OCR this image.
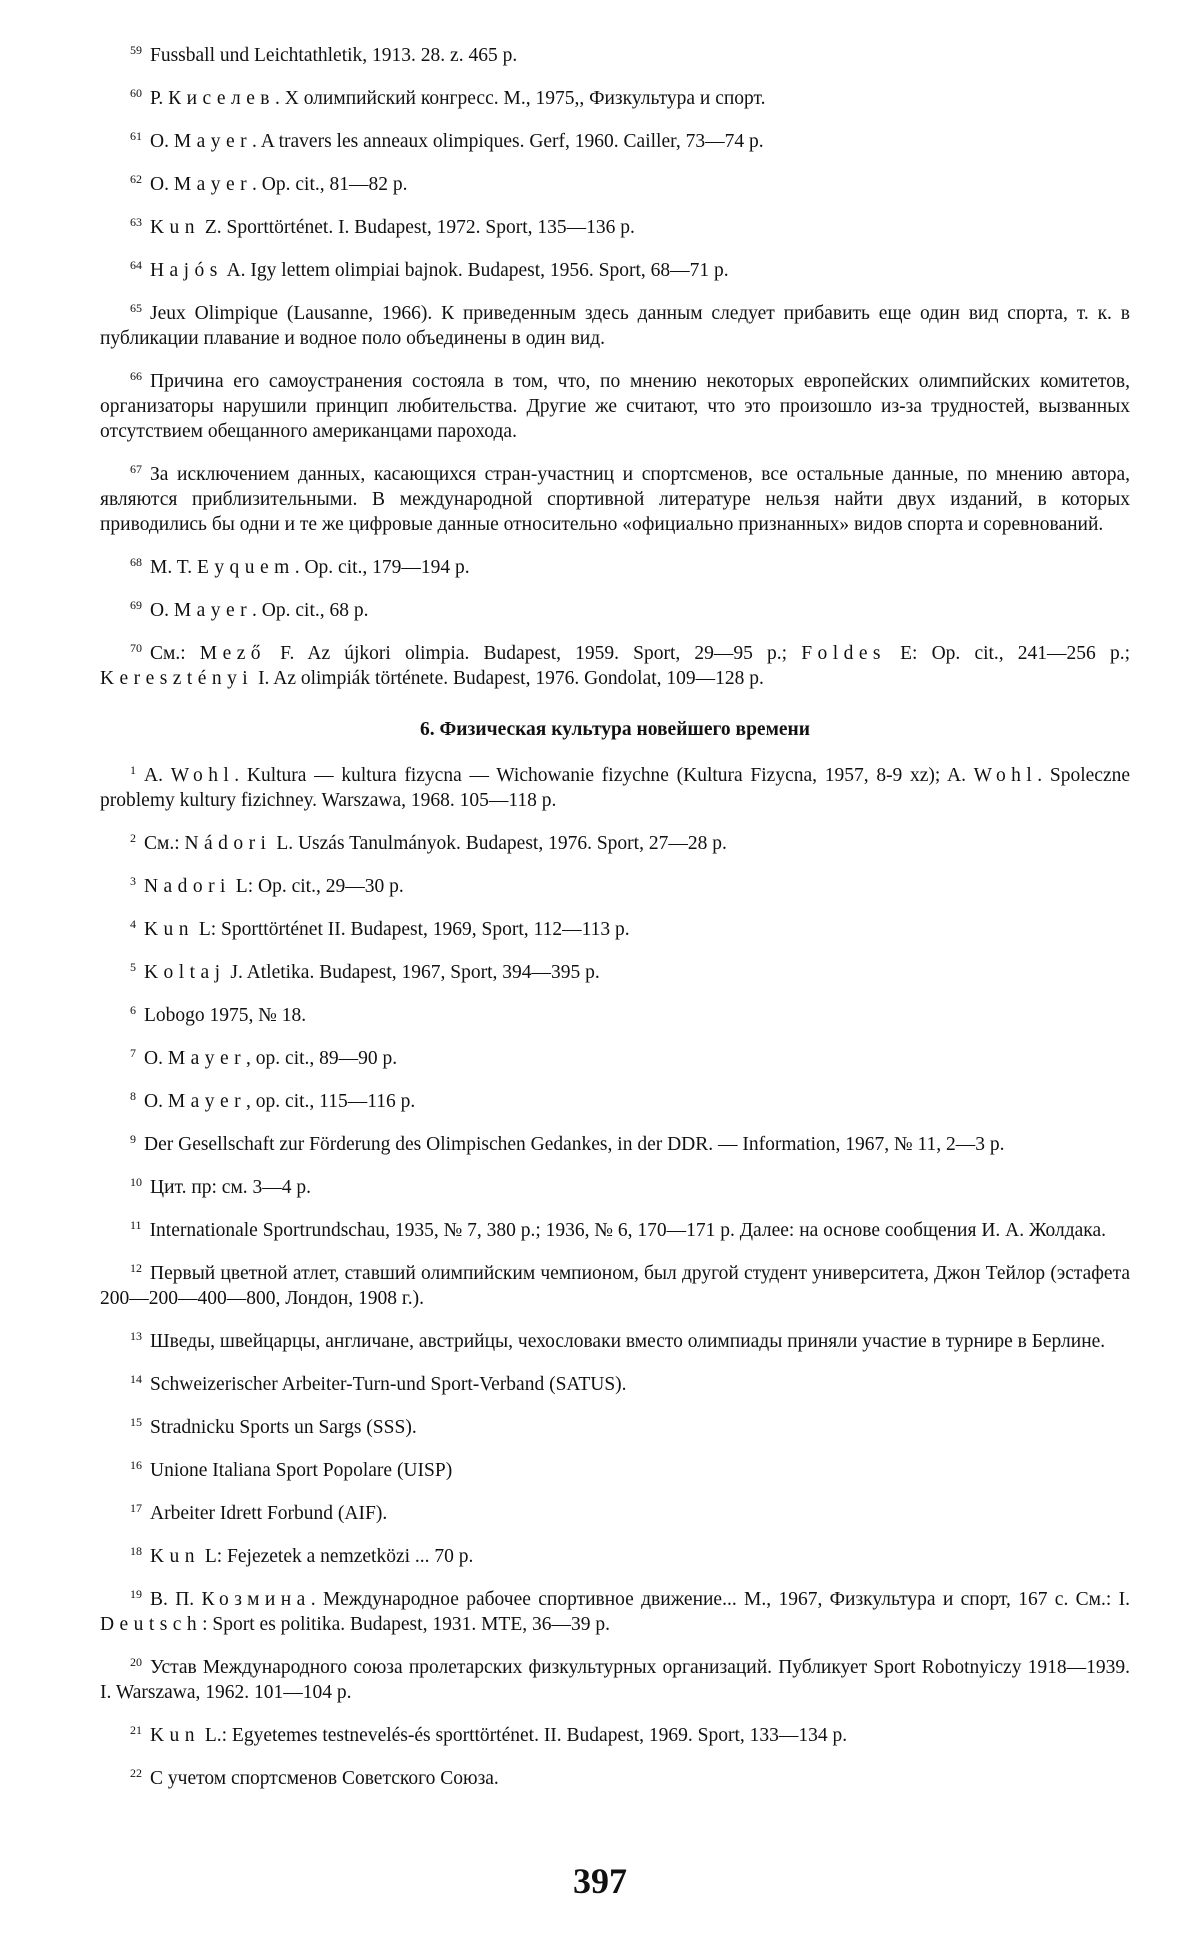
$^{59}$ Fussball und Leichtathletik, 1913. 28. z. 465 p.

$^{60}$ Р. Киселев. Х олимпийский конгресс. М., 1975,, Физкультура и спорт.

$^{61}$ O. Mayer. A travers les anneaux olimpiques. Gerf, 1960. Cailler, 73—74 p.

$^{62}$ O. Mayer. Op. cit., 81—82 p.

$^{63}$ Kun Z. Sporttörténet. I. Budapest, 1972. Sport, 135—136 p.

$^{64}$ Hajós A. Igy lettem olimpiai bajnok. Budapest, 1956. Sport, 68—71 p.

$^{65}$ Jeux Olimpique (Lausanne, 1966). К приведенным здесь данным следует прибавить еще один вид спорта, т. к. в публикации плавание и водное поло объединены в один вид.

$^{66}$ Причина его самоустранения состояла в том, что, по мнению некоторых европейских олимпийских комитетов, организаторы нарушили принцип любительства. Другие же считают, что это произошло из-за трудностей, вызванных отсутствием обещанного американцами парохода.

$^{67}$ За исключением данных, касающихся стран-участниц и спортсменов, все остальные данные, по мнению автора, являются приблизительными. В международной спортивной литературе нельзя найти двух изданий, в которых приводились бы одни и те же цифровые данные относительно «официально признанных» видов спорта и соревнований.

$^{68}$ M. T. Eyquem. Op. cit., 179—194 p.

$^{69}$ O. Mayer. Op. cit., 68 p.

$^{70}$ См.: Mező F. Az újkori olimpia. Budapest, 1959. Sport, 29—95 p.; Foldes E: Op. cit., 241—256 p.; Keresztényi I. Az olimpiák története. Budapest, 1976. Gondolat, 109—128 p.

6. Физическая культура новейшего времени

$^1$ A. Wohl. Kultura — kultura fizycna — Wichowanie fizychne (Kultura Fizycna, 1957, 8-9 xz); A. Wohl. Spoleczne problemy kultury fizichney. Warszawa, 1968. 105—118 p.

$^2$ См.: Nádori L. Uszás Tanulmányok. Budapest, 1976. Sport, 27—28 p.

$^3$ Nadori L: Op. cit., 29—30 p.

$^4$ Kun L: Sporttörténet II. Budapest, 1969, Sport, 112—113 p.

$^5$ Koltaj J. Atletika. Budapest, 1967, Sport, 394—395 p.

$^6$ Lobogo 1975, № 18.

$^7$ O. Mayer, op. cit., 89—90 p.

$^8$ O. Mayer, op. cit., 115—116 p.

$^9$ Der Gesellschaft zur Förderung des Olimpischen Gedankes, in der DDR. — Information, 1967, № 11, 2—3 p.

$^{10}$ Цит. пр: см. 3—4 p.

$^{11}$ Internationale Sportrundschau, 1935, № 7, 380 p.; 1936, № 6, 170—171 p. Далее: на основе сообщения И. А. Жолдака.

$^{12}$ Первый цветной атлет, ставший олимпийским чемпионом, был другой студент университета, Джон Тейлор (эстафета 200—200—400—800, Лондон, 1908 г.).

$^{13}$ Шведы, швейцарцы, англичане, австрийцы, чехословаки вместо олимпиады приняли участие в турнире в Берлине.

$^{14}$ Schweizerischer Arbeiter-Turn-und Sport-Verband (SATUS).

$^{15}$ Stradnicku Sports un Sargs (SSS).

$^{16}$ Unione Italiana Sport Popolare (UISP)

$^{17}$ Arbeiter Idrett Forbund (AIF).

$^{18}$ Kun L: Fejezetek a nemzetközi ... 70 p.

$^{19}$ В. П. Козмина. Международное рабочее спортивное движение... М., 1967, Физкультура и спорт, 167 с. См.: I. Deutsch: Sport es politika. Budapest, 1931. MTE, 36—39 p.

$^{20}$ Устав Международного союза пролетарских физкультурных организаций. Публикует Sport Robotnyiczy 1918—1939. I. Warszawa, 1962. 101—104 p.

$^{21}$ Kun L.: Egyetemes testnevelés-és sporttörténet. II. Budapest, 1969. Sport, 133—134 p.

$^{22}$ С учетом спортсменов Советского Союза.

397
